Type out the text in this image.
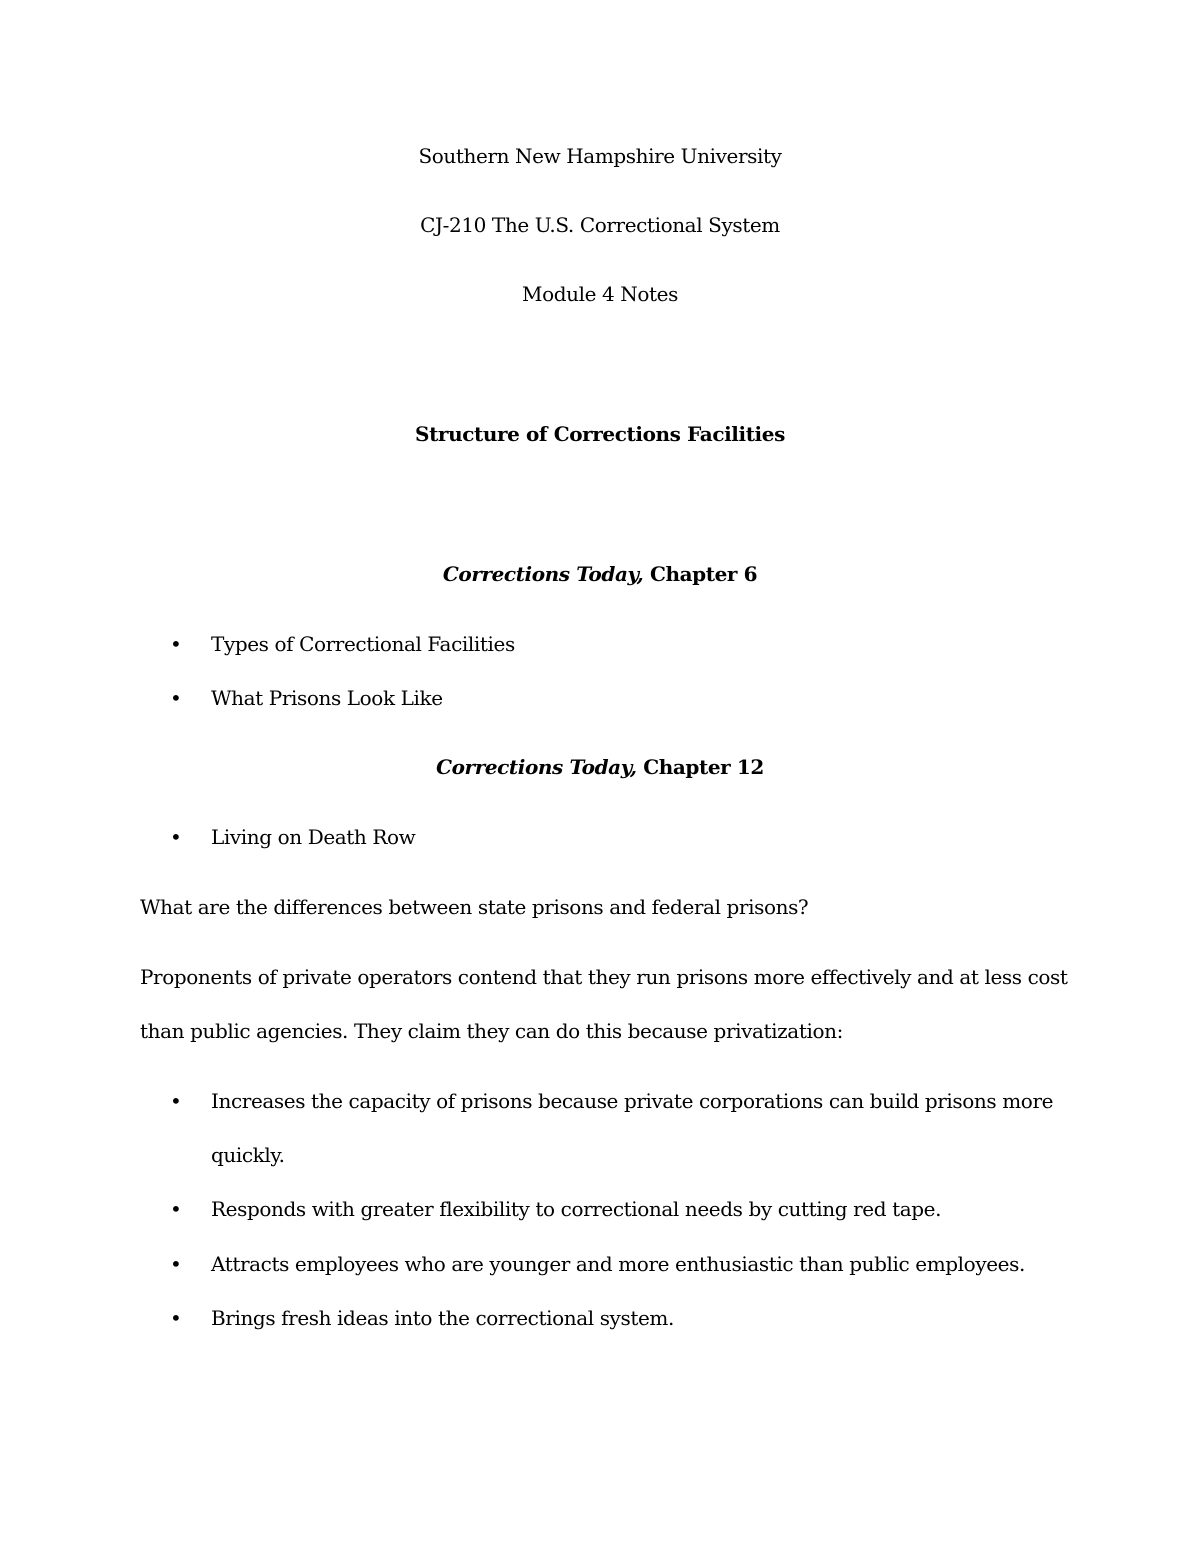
Southern New Hampshire University
CJ-210 The U.S. Correctional System
Module 4 Notes
Structure of Corrections Facilities
Corrections Today, Chapter 6
•	Types of Correctional Facilities
•	What Prisons Look Like
Corrections Today, Chapter 12
•	Living on Death Row
What are the differences between state prisons and federal prisons?
Proponents of private operators contend that they run prisons more effectively and at less cost
than public agencies. They claim they can do this because privatization:
•	Increases the capacity of prisons because private corporations can build prisons more
quickly.
•	Responds with greater flexibility to correctional needs by cutting red tape.
•	Attracts employees who are younger and more enthusiastic than public employees.
•	Brings fresh ideas into the correctional system.
